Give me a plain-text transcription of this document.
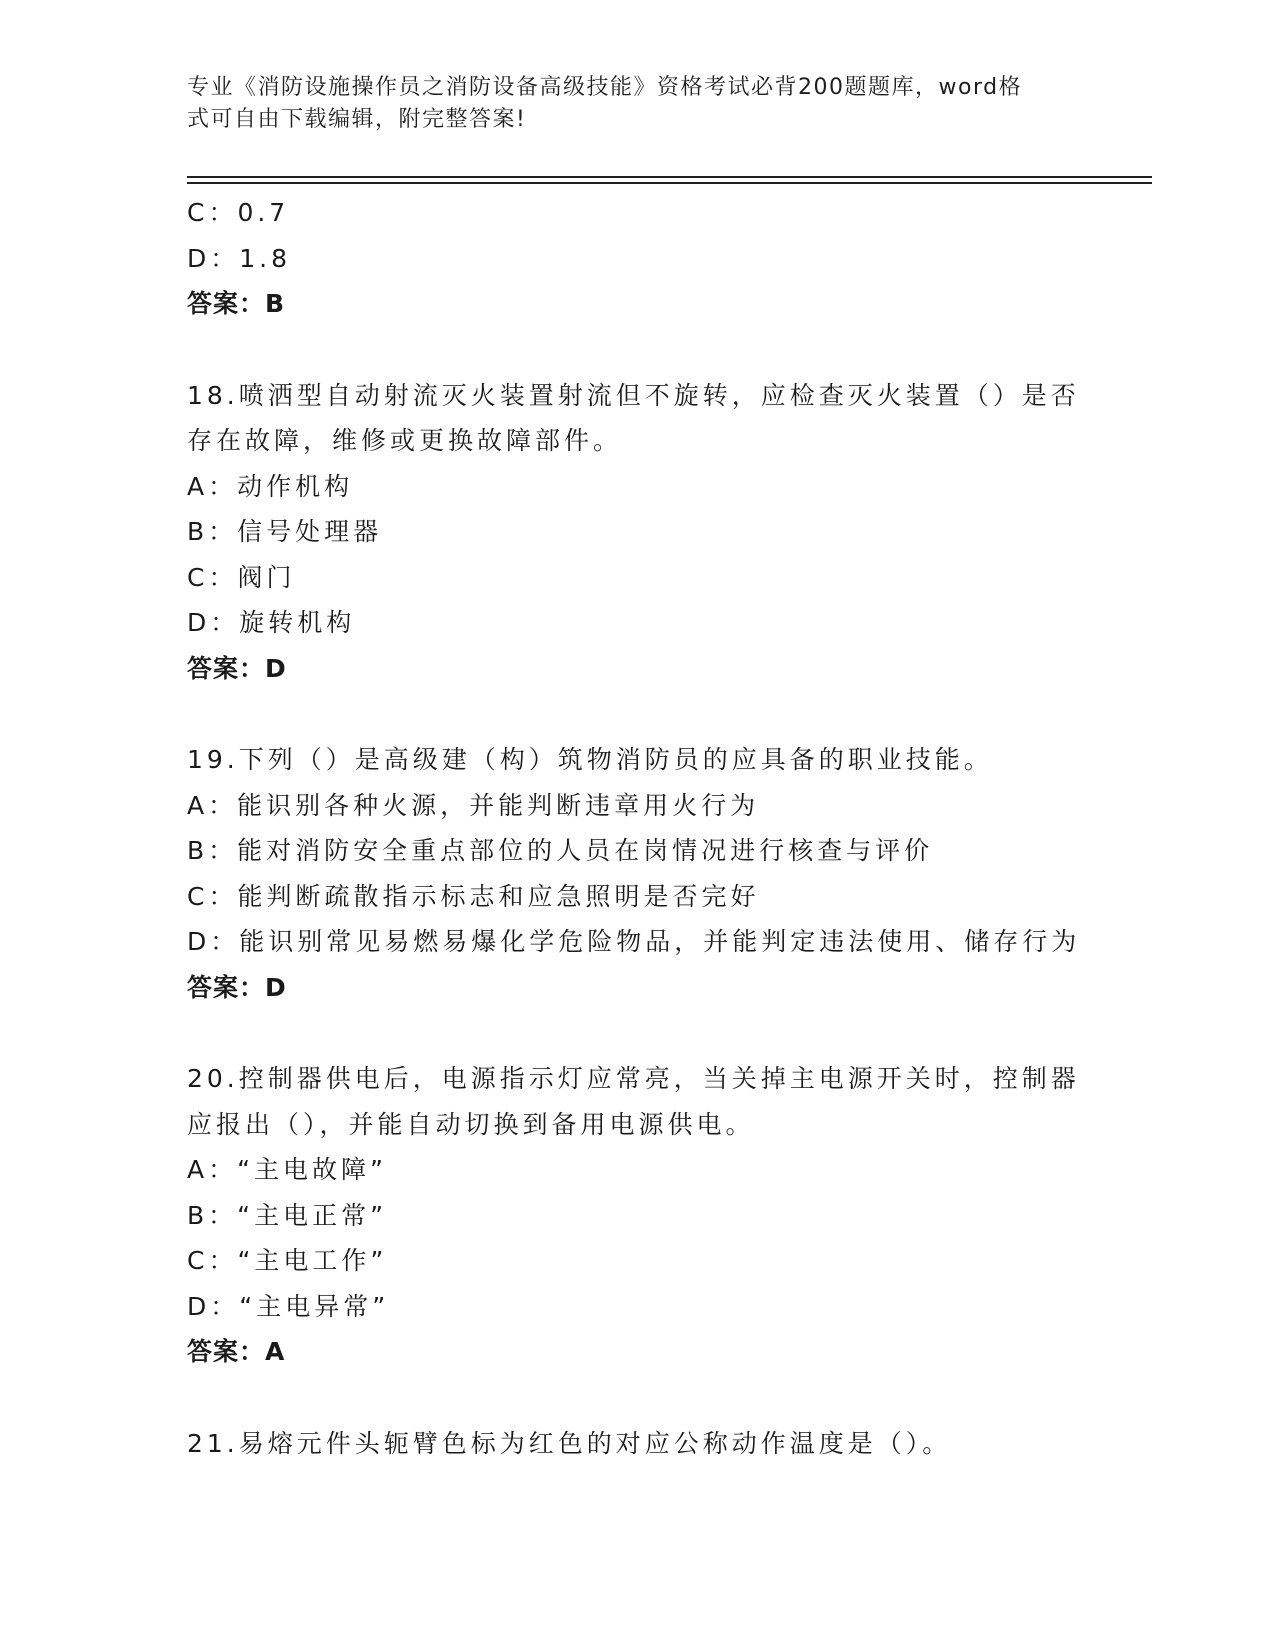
专业《消防设施操作员之消防设备高级技能》资格考试必背200题题库，word格
式可自由下载编辑，附完整答案!
C：0.7
D：1.8
答案：B
18.喷洒型自动射流灭火装置射流但不旋转，应检查灭火装置（）是否
存在故障，维修或更换故障部件。
A：动作机构
B：信号处理器
C：阀门
D：旋转机构
答案：D
19.下列（）是高级建（构）筑物消防员的应具备的职业技能。
A：能识别各种火源，并能判断违章用火行为
B：能对消防安全重点部位的人员在岗情况进行核查与评价
C：能判断疏散指示标志和应急照明是否完好
D：能识别常见易燃易爆化学危险物品，并能判定违法使用、储存行为
答案：D
20.控制器供电后，电源指示灯应常亮，当关掉主电源开关时，控制器
应报出（），并能自动切换到备用电源供电。
A：“主电故障”
B：“主电正常”
C：“主电工作”
D：“主电异常”
答案：A
21.易熔元件头轭臂色标为红色的对应公称动作温度是（）。
